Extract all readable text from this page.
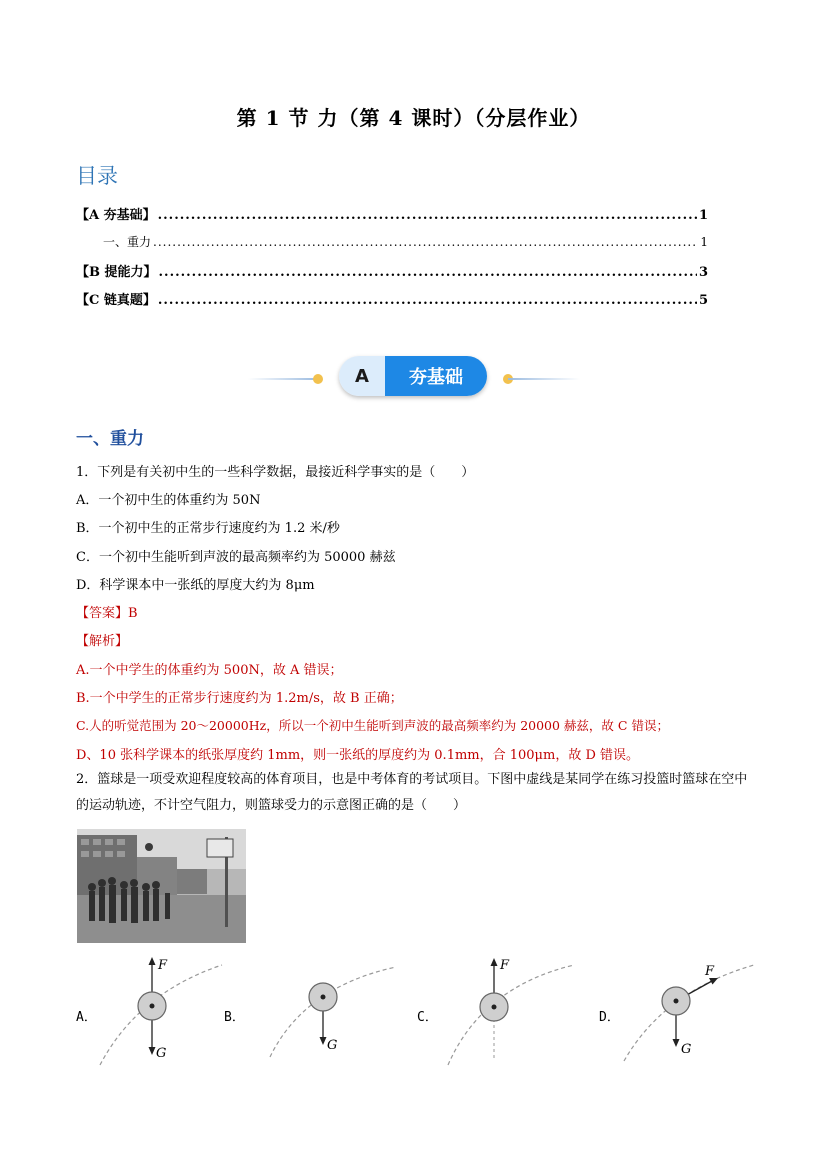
第 1 节 力（第 4 课时）（分层作业）
目录
【A 夯基础】 .....	1
一、重力 .....	1
【B 提能力】 .....	3
【C 链真题】 .....	5
A	夯基础
一、重力
1．下列是有关初中生的一些科学数据，最接近科学事实的是（　　）
A．一个初中生的体重约为 50N
B．一个初中生的正常步行速度约为 1.2 米/秒
C．一个初中生能听到声波的最高频率约为 50000 赫兹
D．科学课本中一张纸的厚度大约为 8μm
【答案】B
【解析】
A.一个中学生的体重约为 500N，故 A 错误；
B.一个中学生的正常步行速度约为 1.2m/s，故 B 正确；
C.人的听觉范围为 20～20000Hz，所以一个初中生能听到声波的最高频率约为 20000 赫兹，故 C 错误；
D、10 张科学课本的纸张厚度约 1mm，则一张纸的厚度约为 0.1mm，合 100μm，故 D 错误。
2．篮球是一项受欢迎程度较高的体育项目，也是中考体育的考试项目。下图中虚线是某同学在练习投篮时篮球在空中的运动轨迹，不计空气阻力，则篮球受力的示意图正确的是（　　）
A．
F
G
B．
G
C．
F
D．
F
G
